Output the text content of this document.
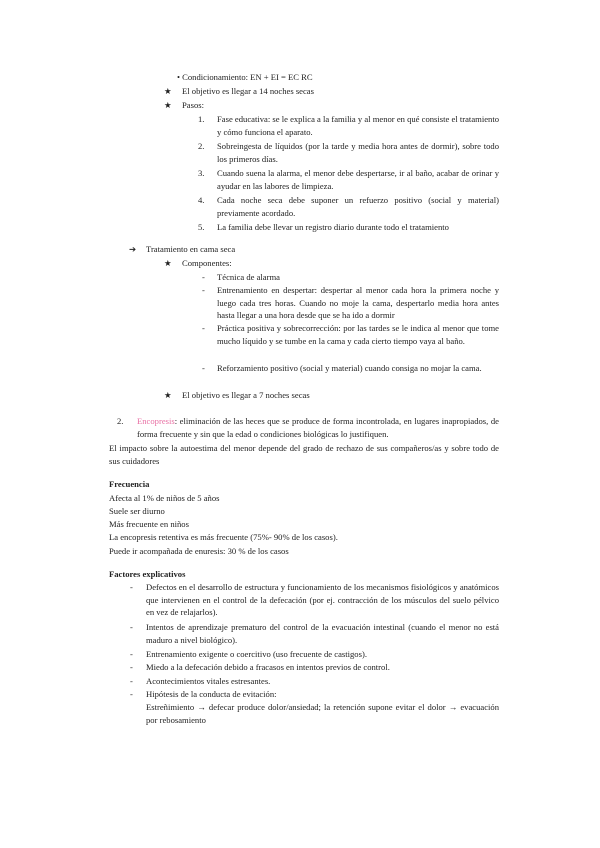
• Condicionamiento: EN + EI = EC RC
★ El objetivo es llegar a 14 noches secas
★ Pasos:
1. Fase educativa: se le explica a la familia y al menor en qué consiste el tratamiento y cómo funciona el aparato.
2. Sobreingesta de líquidos (por la tarde y media hora antes de dormir), sobre todo los primeros días.
3. Cuando suena la alarma, el menor debe despertarse, ir al baño, acabar de orinar y ayudar en las labores de limpieza.
4. Cada noche seca debe suponer un refuerzo positivo (social y material) previamente acordado.
5. La familia debe llevar un registro diario durante todo el tratamiento
➔ Tratamiento en cama seca
★ Componentes:
- Técnica de alarma
- Entrenamiento en despertar: despertar al menor cada hora la primera noche y luego cada tres horas. Cuando no moje la cama, despertarlo media hora antes hasta llegar a una hora desde que se ha ido a dormir
- Práctica positiva y sobrecorrección: por las tardes se le indica al menor que tome mucho líquido y se tumbe en la cama y cada cierto tiempo vaya al baño.
- Reforzamiento positivo (social y material) cuando consiga no mojar la cama.
★ El objetivo es llegar a 7 noches secas
2. Encopresis: eliminación de las heces que se produce de forma incontrolada, en lugares inapropiados, de forma frecuente y sin que la edad o condiciones biológicas lo justifiquen.
El impacto sobre la autoestima del menor depende del grado de rechazo de sus compañeros/as y sobre todo de sus cuidadores
Frecuencia
Afecta al 1% de niños de 5 años
Suele ser diurno
Más frecuente en niños
La encopresis retentiva es más frecuente (75%- 90% de los casos).
Puede ir acompañada de enuresis: 30 % de los casos
Factores explicativos
- Defectos en el desarrollo de estructura y funcionamiento de los mecanismos fisiológicos y anatómicos que intervienen en el control de la defecación (por ej. contracción de los músculos del suelo pélvico en vez de relajarlos).
- Intentos de aprendizaje prematuro del control de la evacuación intestinal (cuando el menor no está maduro a nivel biológico).
- Entrenamiento exigente o coercitivo (uso frecuente de castigos).
- Miedo a la defecación debido a fracasos en intentos previos de control.
- Acontecimientos vitales estresantes.
- Hipótesis de la conducta de evitación:
Estreñimiento → defecar produce dolor/ansiedad; la retención supone evitar el dolor → evacuación por rebosamiento
